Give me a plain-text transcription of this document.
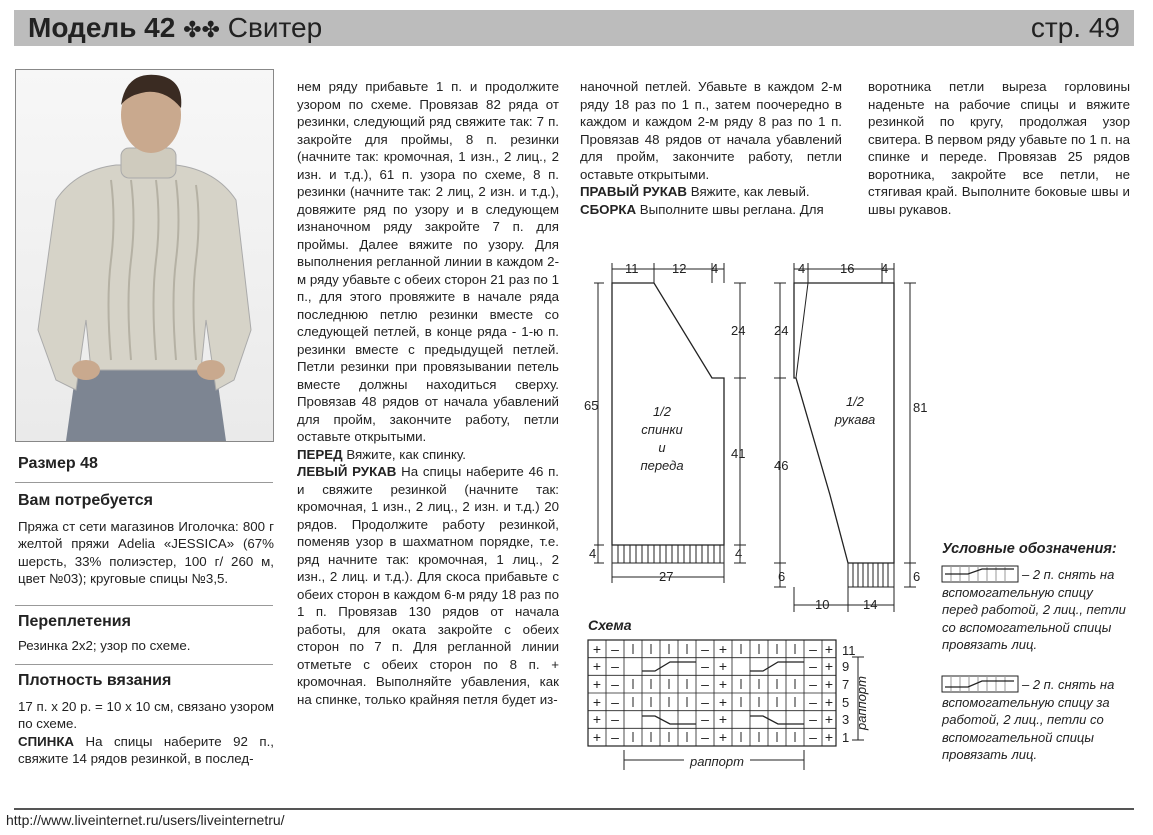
Модель 42 ✤✤ Свитер	стр. 49
Размер 48
Вам потребуется

Пряжа ст сети магазинов Иголочка: 800 г желтой пряжи Adelia «JESSICA» (67% шерсть, 33% полиэстер, 100 г/ 260 м, цвет №03); круговые спицы №3,5.

Переплетения

Резинка 2х2; узор по схеме.

Плотность вязания

17 п. х 20 р. = 10 х 10 см, связано узором по схеме.

СПИНКА На спицы наберите 92 п., свяжите 14 рядов резинкой, в послед-

нем ряду прибавьте 1 п. и продолжите узором по схеме. Провязав 82 ряда от резинки, следующий ряд свяжите так: 7 п. закройте для проймы, 8 п. резинки (начните так: кромочная, 1 изн., 2 лиц., 2 изн. и т.д.), 61 п. узора по схеме, 8 п. резинки (начните так: 2 лиц, 2 изн. и т.д.), довяжите ряд по узору и в следующем изнаночном ряду закройте 7 п. для проймы. Далее вяжите по узору. Для выполнения регланной линии в каждом 2-м ряду убавьте с обеих сторон 21 раз по 1 п., для этого провяжите в начале ряда последнюю петлю резинки вместе со следующей петлей, в конце ряда - 1-ю п. резинки вместе с предыдущей петлей. Петли резинки при провязывании петель вместе должны находиться сверху. Провязав 48 рядов от начала убавлений для пройм, закончите работу, петли оставьте открытыми.

ПЕРЕД Вяжите, как спинку.

ЛЕВЫЙ РУКАВ На спицы наберите 46 п. и свяжите резинкой (начните так: кромочная, 1 изн., 2 лиц., 2 изн. и т.д.) 20 рядов. Продолжите работу резинкой, поменяв узор в шахматном порядке, т.е. ряд начните так: кромочная, 1 лиц., 2 изн., 2 лиц. и т.д.). Для скоса прибавьте с обеих сторон в каждом 6-м ряду 18 раз по 1 п. Провязав 130 рядов от начала работы, для оката закройте с обеих сторон по 7 п. Для регланной линии отметьте с обеих сторон по 8 п. + кромочная. Выполняйте убавления, как на спинке, только крайняя петля будет из-

наночной петлей. Убавьте в каждом 2-м ряду 18 раз по 1 п., затем поочередно в каждом и каждом 2-м ряду 8 раз по 1 п. Провязав 48 рядов от начала убавлений для пройм, закончите работу, петли оставьте открытыми.

ПРАВЫЙ РУКАВ Вяжите, как левый.

СБОРКА Выполните швы реглана. Для

воротника петли выреза горловины наденьте на рабочие спицы и вяжите резинкой по кругу, продолжая узор свитера. В первом ряду убавьте по 1 п. на спинке и переде. Провязав 25 рядов воротника, закройте все петли, не стягивая край. Выполните боковые швы и швы рукавов.

11	12 4
65
24
41
4	4
27
1/2
спинки
и
переда
4	16 4
24
46
6
81
6
10	14
1/2
рукава
Схема
+ –	– +	– +
+ –	– +	– +
+ –	– +	– +
+ –	– +	– +
+ –	– +	– +
+ –	– +	– +
11
9
7
5
3
1
раппорт
раппорт
Условные обозначения:
– 2 п. снять на вспомогательную спицу перед работой, 2 лиц., петли со вспомогательной спицы провязать лиц.
– 2 п. снять на вспомогательную спицу за работой, 2 лиц., петли со вспомогательной спицы провязать лиц.
http://www.liveinternet.ru/users/liveinternetru/
